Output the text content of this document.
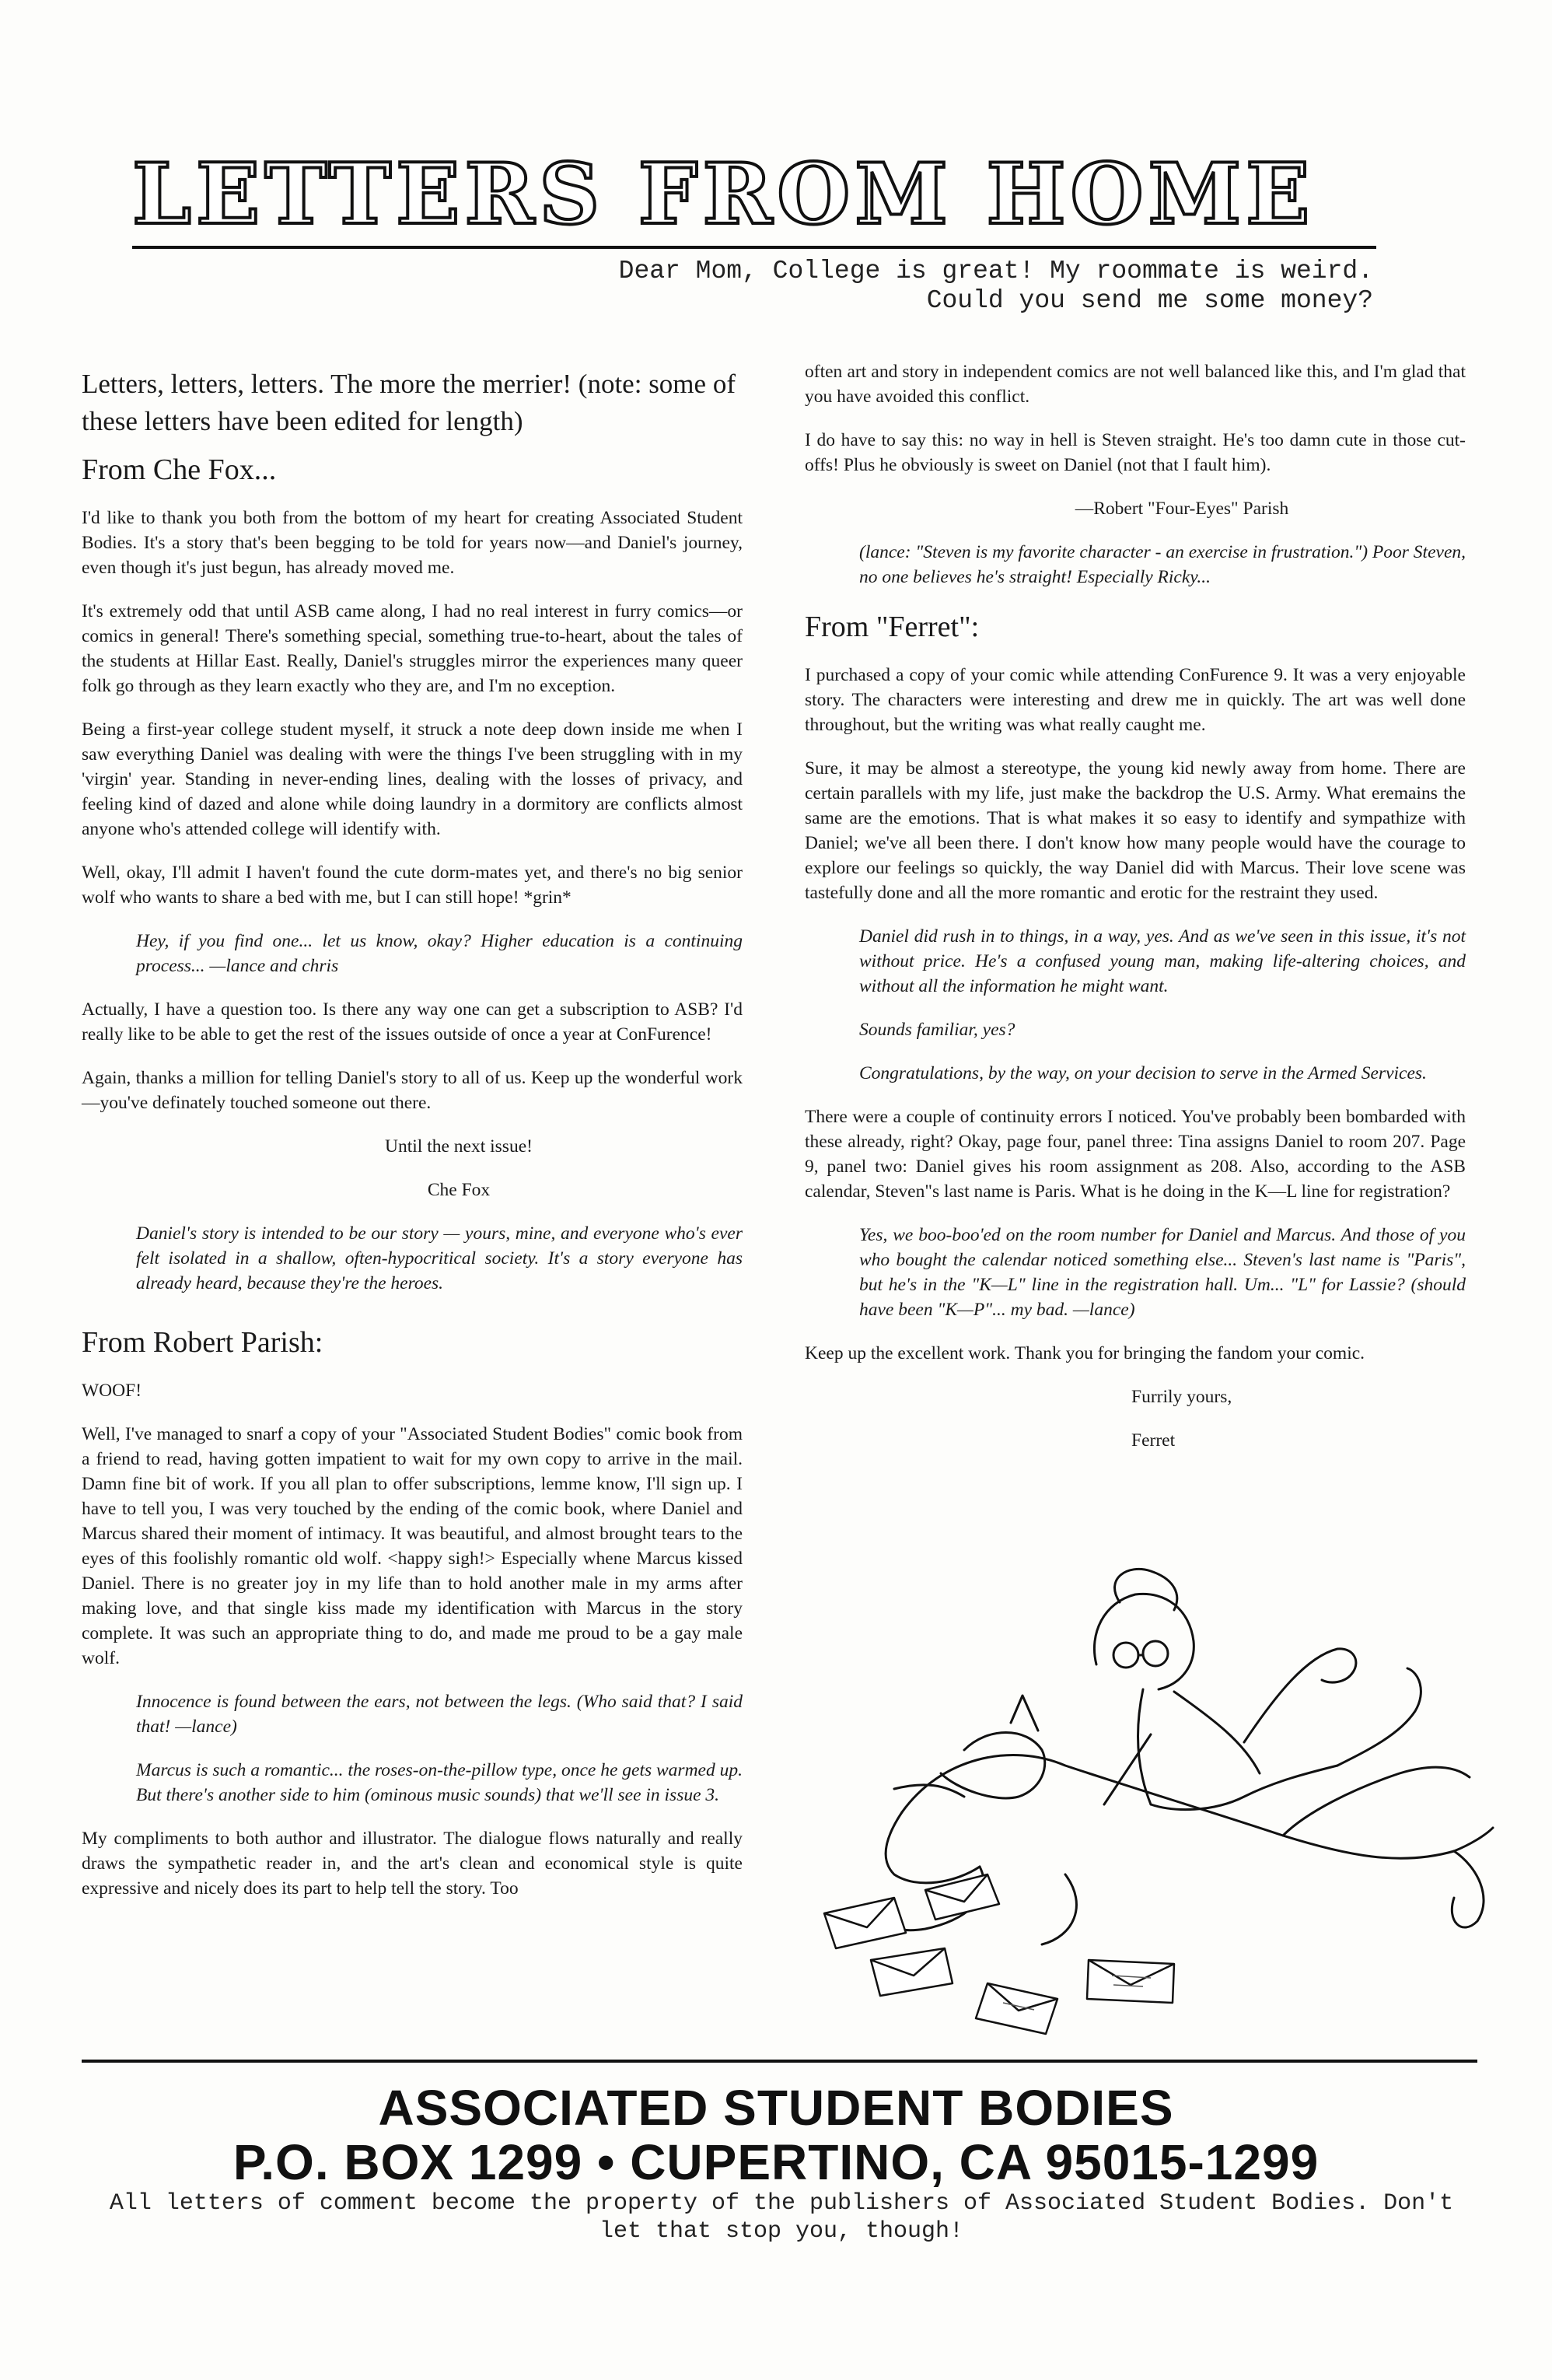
LETTERS FROM HOME
Dear Mom, College is great! My roommate is weird.
Could you send me some money?

Letters, letters, letters. The more the merrier! (note: some of these letters have been edited for length)

From Che Fox...

I'd like to thank you both from the bottom of my heart for creating Associated Student Bodies. It's a story that's been begging to be told for years now—and Daniel's journey, even though it's just begun, has already moved me.

It's extremely odd that until ASB came along, I had no real interest in furry comics—or comics in general! There's something special, something true-to-heart, about the tales of the students at Hillar East. Really, Daniel's struggles mirror the experiences many queer folk go through as they learn exactly who they are, and I'm no exception.

Being a first-year college student myself, it struck a note deep down inside me when I saw everything Daniel was dealing with were the things I've been struggling with in my 'virgin' year. Standing in never-ending lines, dealing with the losses of privacy, and feeling kind of dazed and alone while doing laundry in a dormitory are conflicts almost anyone who's attended college will identify with.

Well, okay, I'll admit I haven't found the cute dorm-mates yet, and there's no big senior wolf who wants to share a bed with me, but I can still hope! *grin*

Hey, if you find one... let us know, okay? Higher education is a continuing process... —lance and chris

Actually, I have a question too. Is there any way one can get a subscription to ASB? I'd really like to be able to get the rest of the issues outside of once a year at ConFurence!

Again, thanks a million for telling Daniel's story to all of us. Keep up the wonderful work—you've definately touched someone out there.

Until the next issue!

Che Fox

Daniel's story is intended to be our story — yours, mine, and everyone who's ever felt isolated in a shallow, often-hypocritical society. It's a story everyone has already heard, because they're the heroes.

From Robert Parish:

WOOF!

Well, I've managed to snarf a copy of your "Associated Student Bodies" comic book from a friend to read, having gotten impatient to wait for my own copy to arrive in the mail. Damn fine bit of work. If you all plan to offer subscriptions, lemme know, I'll sign up. I have to tell you, I was very touched by the ending of the comic book, where Daniel and Marcus shared their moment of intimacy. It was beautiful, and almost brought tears to the eyes of this foolishly romantic old wolf. <happy sigh!> Especially whene Marcus kissed Daniel. There is no greater joy in my life than to hold another male in my arms after making love, and that single kiss made my identification with Marcus in the story complete. It was such an appropriate thing to do, and made me proud to be a gay male wolf.

Innocence is found between the ears, not between the legs. (Who said that? I said that! —lance)

Marcus is such a romantic... the roses-on-the-pillow type, once he gets warmed up. But there's another side to him (ominous music sounds) that we'll see in issue 3.

My compliments to both author and illustrator. The dialogue flows naturally and really draws the sympathetic reader in, and the art's clean and economical style is quite expressive and nicely does its part to help tell the story. Too

often art and story in independent comics are not well balanced like this, and I'm glad that you have avoided this conflict.

I do have to say this: no way in hell is Steven straight. He's too damn cute in those cut-offs! Plus he obviously is sweet on Daniel (not that I fault him).

—Robert "Four-Eyes" Parish

(lance: "Steven is my favorite character - an exercise in frustration.") Poor Steven, no one believes he's straight! Especially Ricky...

From "Ferret":

I purchased a copy of your comic while attending ConFurence 9. It was a very enjoyable story. The characters were interesting and drew me in quickly. The art was well done throughout, but the writing was what really caught me.

Sure, it may be almost a stereotype, the young kid newly away from home. There are certain parallels with my life, just make the backdrop the U.S. Army. What eremains the same are the emotions. That is what makes it so easy to identify and sympathize with Daniel; we've all been there. I don't know how many people would have the courage to explore our feelings so quickly, the way Daniel did with Marcus. Their love scene was tastefully done and all the more romantic and erotic for the restraint they used.

Daniel did rush in to things, in a way, yes. And as we've seen in this issue, it's not without price. He's a confused young man, making life-altering choices, and without all the information he might want.

Sounds familiar, yes?

Congratulations, by the way, on your decision to serve in the Armed Services.

There were a couple of continuity errors I noticed. You've probably been bombarded with these already, right? Okay, page four, panel three: Tina assigns Daniel to room 207. Page 9, panel two: Daniel gives his room assignment as 208. Also, according to the ASB calendar, Steven"s last name is Paris. What is he doing in the K—L line for registration?

Yes, we boo-boo'ed on the room number for Daniel and Marcus. And those of you who bought the calendar noticed something else... Steven's last name is "Paris", but he's in the "K—L" line in the registration hall. Um... "L" for Lassie? (should have been "K—P"... my bad. —lance)

Keep up the excellent work. Thank you for bringing the fandom your comic.

Furrily yours,

Ferret

ASSOCIATED STUDENT BODIES
P.O. BOX 1299 • CUPERTINO, CA 95015-1299
All letters of comment become the property of the publishers of Associated Student Bodies. Don't let that stop you, though!
